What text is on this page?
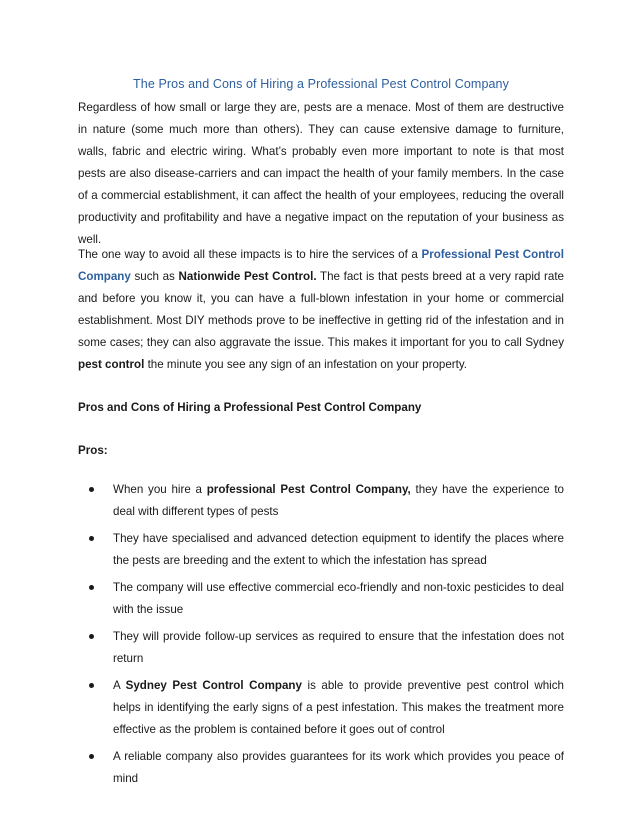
The Pros and Cons of Hiring a Professional Pest Control Company

Regardless of how small or large they are, pests are a menace. Most of them are destructive in nature (some much more than others). They can cause extensive damage to furniture, walls, fabric and electric wiring. What’s probably even more important to note is that most pests are also disease-carriers and can impact the health of your family members. In the case of a commercial establishment, it can affect the health of your employees, reducing the overall productivity and profitability and have a negative impact on the reputation of your business as well.

The one way to avoid all these impacts is to hire the services of a Professional Pest Control Company such as Nationwide Pest Control. The fact is that pests breed at a very rapid rate and before you know it, you can have a full-blown infestation in your home or commercial establishment. Most DIY methods prove to be ineffective in getting rid of the infestation and in some cases; they can also aggravate the issue. This makes it important for you to call Sydney pest control the minute you see any sign of an infestation on your property.

Pros and Cons of Hiring a Professional Pest Control Company
Pros:
When you hire a professional Pest Control Company, they have the experience to deal with different types of pests
They have specialised and advanced detection equipment to identify the places where the pests are breeding and the extent to which the infestation has spread
The company will use effective commercial eco-friendly and non-toxic pesticides to deal with the issue
They will provide follow-up services as required to ensure that the infestation does not return
A Sydney Pest Control Company is able to provide preventive pest control which helps in identifying the early signs of a pest infestation. This makes the treatment more effective as the problem is contained before it goes out of control
A reliable company also provides guarantees for its work which provides you peace of mind
